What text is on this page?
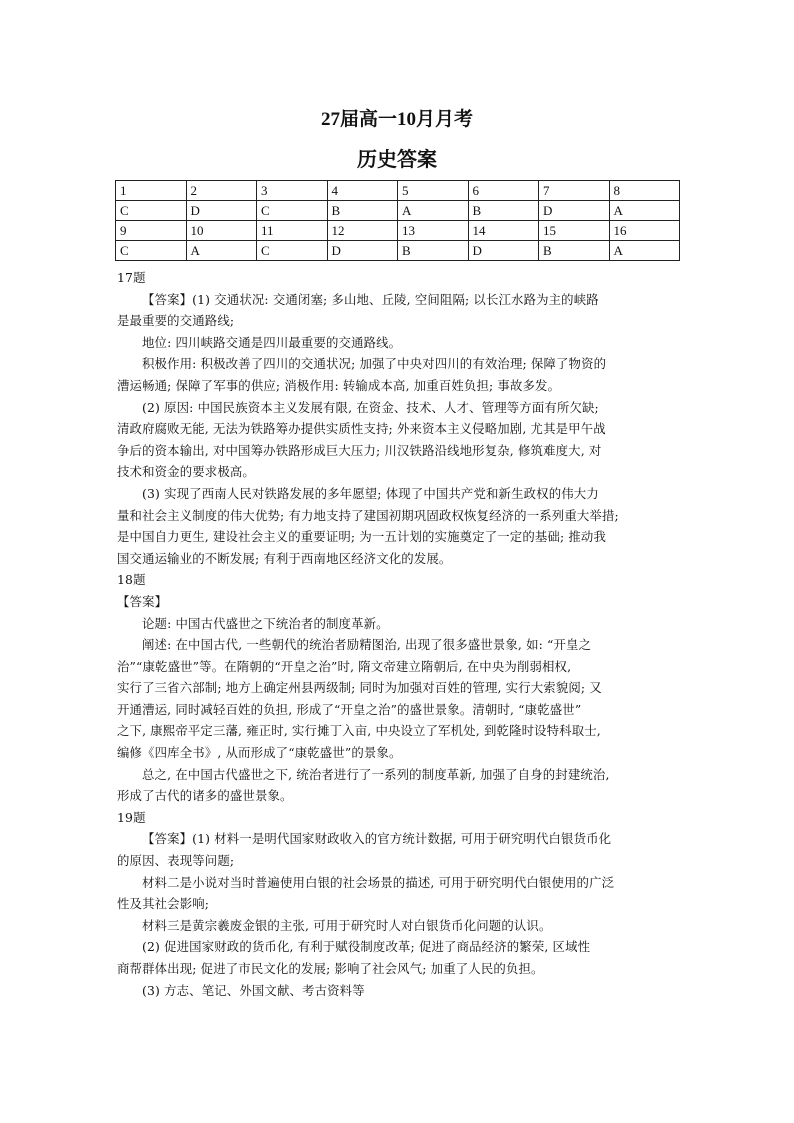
27届高一10月月考
历史答案
1	2	3	4	5	6	7	8
C	D	C	B	A	B	D	A
9	10	11	12	13	14	15	16
C	A	C	D	B	D	B	A

17题

【答案】(1) 交通状况: 交通闭塞; 多山地、丘陵, 空间阻隔; 以长江水路为主的峡路

是最重要的交通路线;

地位: 四川峡路交通是四川最重要的交通路线。

积极作用: 积极改善了四川的交通状况; 加强了中央对四川的有效治理; 保障了物资的

漕运畅通; 保障了军事的供应; 消极作用: 转输成本高, 加重百姓负担; 事故多发。

(2) 原因: 中国民族资本主义发展有限, 在资金、技术、人才、管理等方面有所欠缺;

清政府腐败无能, 无法为铁路筹办提供实质性支持; 外来资本主义侵略加剧, 尤其是甲午战

争后的资本输出, 对中国筹办铁路形成巨大压力; 川汉铁路沿线地形复杂, 修筑难度大, 对

技术和资金的要求极高。

(3) 实现了西南人民对铁路发展的多年愿望; 体现了中国共产党和新生政权的伟大力

量和社会主义制度的伟大优势; 有力地支持了建国初期巩固政权恢复经济的一系列重大举措;

是中国自力更生, 建设社会主义的重要证明; 为一五计划的实施奠定了一定的基础; 推动我

国交通运输业的不断发展; 有利于西南地区经济文化的发展。

18题

【答案】

论题: 中国古代盛世之下统治者的制度革新。

阐述: 在中国古代, 一些朝代的统治者励精图治, 出现了很多盛世景象, 如: “开皇之

治”“康乾盛世”等。在隋朝的“开皇之治”时, 隋文帝建立隋朝后, 在中央为削弱相权,

实行了三省六部制; 地方上确定州县两级制; 同时为加强对百姓的管理, 实行大索貌阅; 又

开通漕运, 同时减轻百姓的负担, 形成了“开皇之治”的盛世景象。清朝时, “康乾盛世”

之下, 康熙帝平定三藩, 雍正时, 实行摊丁入亩, 中央设立了军机处, 到乾隆时设特科取士,

编修《四库全书》, 从而形成了“康乾盛世”的景象。

总之, 在中国古代盛世之下, 统治者进行了一系列的制度革新, 加强了自身的封建统治,

形成了古代的诸多的盛世景象。

19题

【答案】(1) 材料一是明代国家财政收入的官方统计数据, 可用于研究明代白银货币化

的原因、表现等问题;

材料二是小说对当时普遍使用白银的社会场景的描述, 可用于研究明代白银使用的广泛

性及其社会影响;

材料三是黄宗羲废金银的主张, 可用于研究时人对白银货币化问题的认识。

(2) 促进国家财政的货币化, 有利于赋役制度改革; 促进了商品经济的繁荣, 区域性

商帮群体出现; 促进了市民文化的发展; 影响了社会风气; 加重了人民的负担。

(3) 方志、笔记、外国文献、考古资料等
